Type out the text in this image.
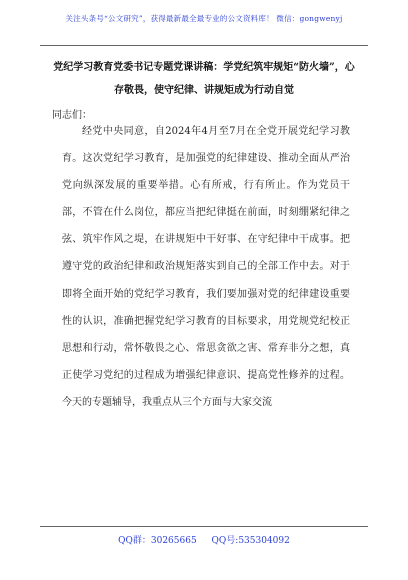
关注头条号“公文研究”，获得最新最全最专业的公文资料库！ 微信：gongwenyj
党纪学习教育党委书记专题党课讲稿：学党纪筑牢规矩“防火墙”，心存敬畏，使守纪律、讲规矩成为行动自觉
同志们：
经党中央同意，自2024年4月至7月在全党开展党纪学习教育。这次党纪学习教育，是加强党的纪律建设、推动全面从严治党向纵深发展的重要举措。心有所戒，行有所止。作为党员干部，不管在什么岗位，都应当把纪律挺在前面，时刻绷紧纪律之弦、筑牢作风之堤，在讲规矩中干好事、在守纪律中干成事。把遵守党的政治纪律和政治规矩落实到自己的全部工作中去。对于即将全面开始的党纪学习教育，我们要加强对党的纪律建设重要性的认识，准确把握党纪学习教育的目标要求，用党规党纪校正思想和行动，常怀敬畏之心、常思贪欲之害、常弃非分之想，真正使学习党纪的过程成为增强纪律意识、提高党性修养的过程。今天的专题辅导，我重点从三个方面与大家交流
QQ群：30265665 QQ号:535304092
